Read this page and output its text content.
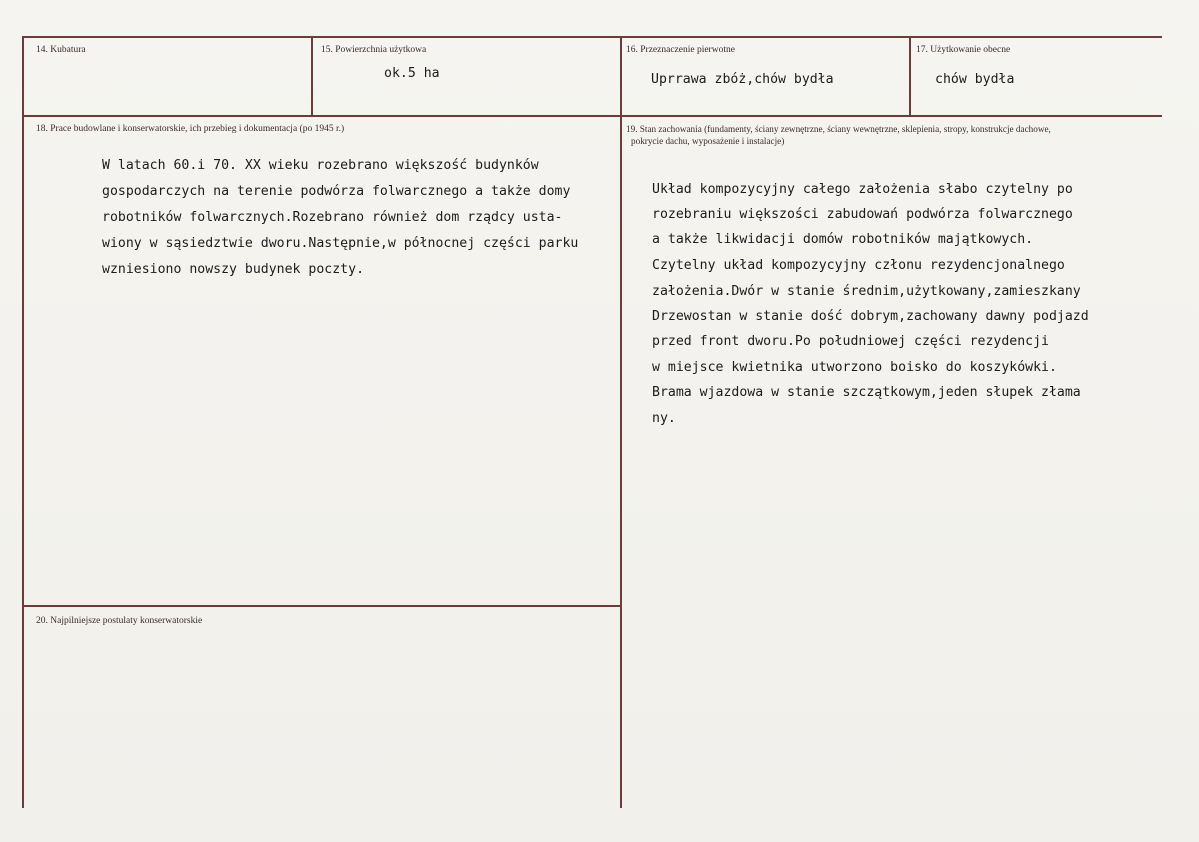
14. Kubatura	15. Powierzchnia użytkowa
ok.5 ha
16. Przeznaczenie pierwotne
Uprrawa zbóż,chów bydła
17. Użytkowanie obecne
chów bydła
18. Prace budowlane i konserwatorskie, ich przebieg i dokumentacja (po 1945 r.)
W latach 60.i 70. XX wieku rozebrano większość budynków
gospodarczych na terenie podwórza folwarcznego a także domy
robotników folwarcznych.Rozebrano również dom rządcy usta-
wiony w sąsiedztwie dworu.Następnie,w północnej części parku
wzniesiono nowszy budynek poczty.
19. Stan zachowania (fundamenty, ściany zewnętrzne, ściany wewnętrzne, sklepienia, stropy, konstrukcje dachowe,
pokrycie dachu, wyposażenie i instalacje)
Układ kompozycyjny całego założenia słabo czytelny po
rozebraniu większości zabudowań podwórza folwarcznego
a także likwidacji domów robotników majątkowych.
Czytelny układ kompozycyjny członu rezydencjonalnego
założenia.Dwór w stanie średnim,użytkowany,zamieszkany
Drzewostan w stanie dość dobrym,zachowany dawny podjazd
przed front dworu.Po południowej części rezydencji
w miejsce kwietnika utworzono boisko do koszykówki.
Brama wjazdowa w stanie szczątkowym,jeden słupek złama
ny.
20. Najpilniejsze postulaty konserwatorskie
